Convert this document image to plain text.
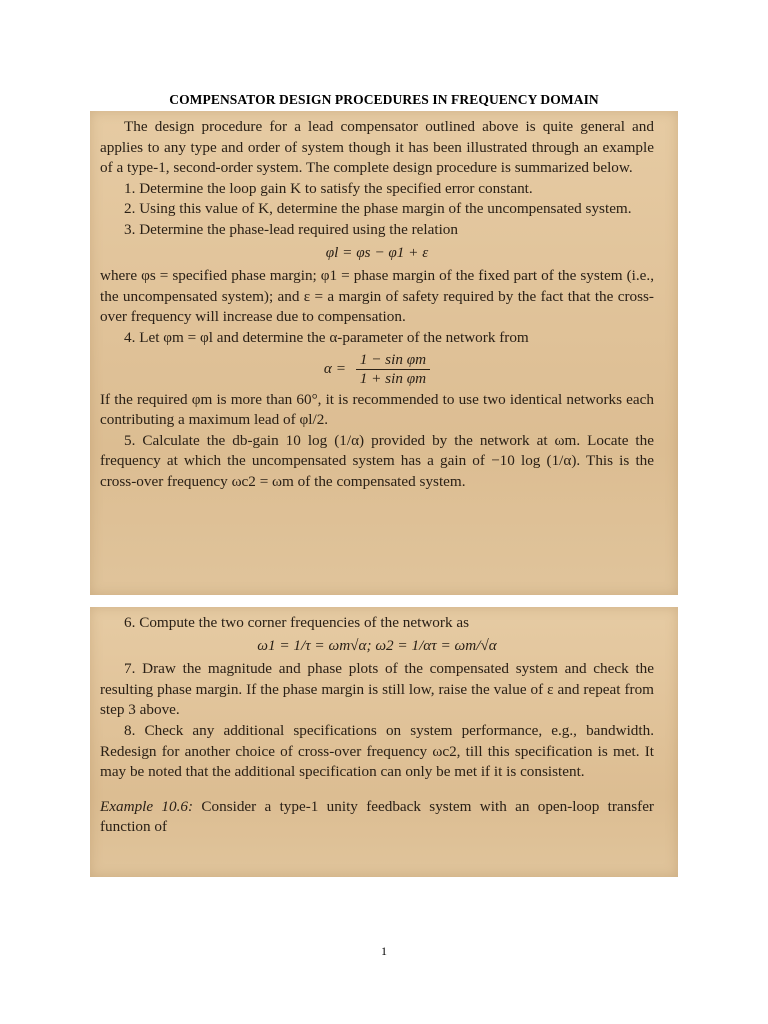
COMPENSATOR DESIGN PROCEDURES IN FREQUENCY DOMAIN

The design procedure for a lead compensator outlined above is quite general and applies to any type and order of system though it has been illustrated through an example of a type-1, second-order system. The complete design procedure is summarized below.

1. Determine the loop gain K to satisfy the specified error constant.

2. Using this value of K, determine the phase margin of the uncompensated system.

3. Determine the phase-lead required using the relation

φl = φs − φ1 + ε

where φs = specified phase margin; φ1 = phase margin of the fixed part of the system (i.e., the uncompensated system); and ε = a margin of safety required by the fact that the cross-over frequency will increase due to compensation.

4. Let φm = φl and determine the α-parameter of the network from

$\alpha = \frac{\text{1 − sin φm}}{\text{1 + sin φm}}$

If the required φm is more than 60°, it is recommended to use two identical networks each contributing a maximum lead of φl/2.

5. Calculate the db-gain 10 log (1/α) provided by the network at ωm. Locate the frequency at which the uncompensated system has a gain of −10 log (1/α). This is the cross-over frequency ωc2 = ωm of the compensated system.

6. Compute the two corner frequencies of the network as

ω1 = 1/τ = ωm√α; ω2 = 1/ατ = ωm/√α

7. Draw the magnitude and phase plots of the compensated system and check the resulting phase margin. If the phase margin is still low, raise the value of ε and repeat from step 3 above.

8. Check any additional specifications on system performance, e.g., bandwidth. Redesign for another choice of cross-over frequency ωc2, till this specification is met. It may be noted that the additional specification can only be met if it is consistent.

Example 10.6: Consider a type-1 unity feedback system with an open-loop transfer function of

1
